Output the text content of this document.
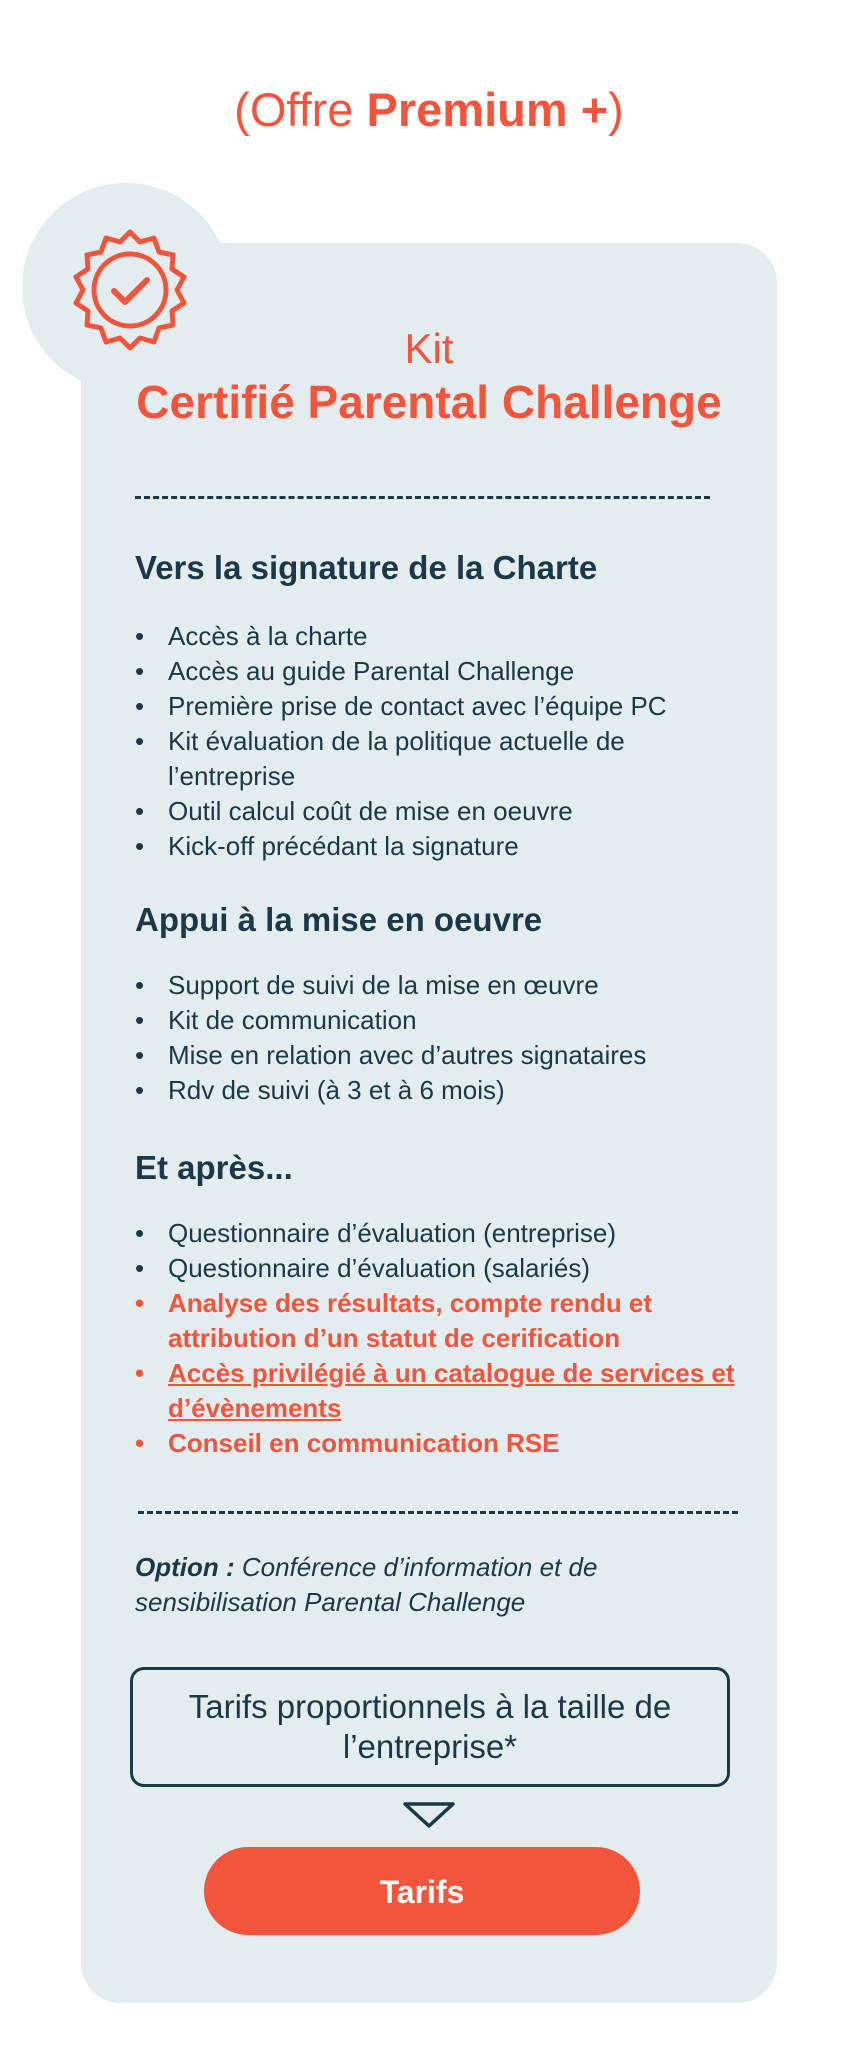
(Offre Premium +)
Kit
Certifié Parental Challenge
Vers la signature de la Charte
• Accès à la charte
• Accès au guide Parental Challenge
• Première prise de contact avec l’équipe PC
• Kit évaluation de la politique actuelle de l’entreprise
• Outil calcul coût de mise en oeuvre
• Kick-off précédant la signature
Appui à la mise en oeuvre
• Support de suivi de la mise en œuvre
• Kit de communication
• Mise en relation avec d’autres signataires
• Rdv de suivi (à 3 et à 6 mois)
Et après...
• Questionnaire d’évaluation (entreprise)
• Questionnaire d’évaluation (salariés)
• Analyse des résultats, compte rendu et attribution d’un statut de cerification
• Accès privilégié à un catalogue de services et d’évènements
• Conseil en communication RSE
Option : Conférence d’information et de sensibilisation Parental Challenge
Tarifs proportionnels à la taille de l’entreprise*
Tarifs
